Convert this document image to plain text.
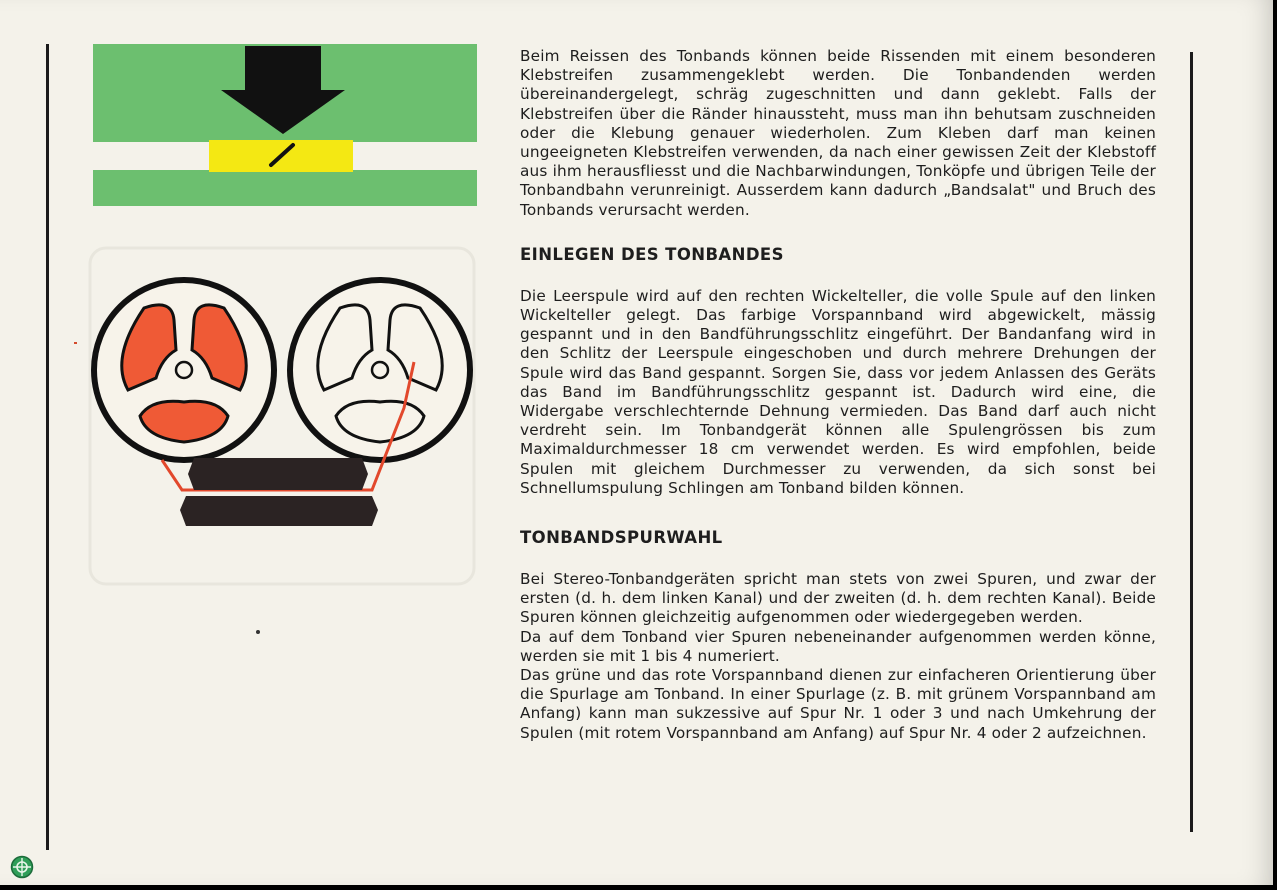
Beim Reissen des Tonbands können beide Rissenden mit einem besonderen Klebstreifen zusammengeklebt werden. Die Tonbandenden werden übereinandergelegt, schräg zugeschnitten und dann geklebt. Falls der Klebstreifen über die Ränder hinaussteht, muss man ihn behutsam zuschneiden oder die Klebung genauer wiederholen. Zum Kleben darf man keinen ungeeigneten Klebstreifen verwenden, da nach einer gewissen Zeit der Klebstoff aus ihm herausfliesst und die Nachbarwindungen, Tonköpfe und übrigen Teile der Tonbandbahn verunreinigt. Ausserdem kann dadurch „Bandsalat" und Bruch des Tonbands verursacht werden.

EINLEGEN DES TONBANDES

Die Leerspule wird auf den rechten Wickelteller, die volle Spule auf den linken Wickelteller gelegt. Das farbige Vorspannband wird abgewickelt, mässig gespannt und in den Bandführungsschlitz eingeführt. Der Bandanfang wird in den Schlitz der Leerspule eingeschoben und durch mehrere Drehungen der Spule wird das Band gespannt. Sorgen Sie, dass vor jedem Anlassen des Geräts das Band im Bandführungsschlitz gespannt ist. Dadurch wird eine, die Widergabe verschlechternde Dehnung vermieden. Das Band darf auch nicht verdreht sein. Im Tonbandgerät können alle Spulengrössen bis zum Maximaldurchmesser 18 cm verwendet werden. Es wird empfohlen, beide Spulen mit gleichem Durchmesser zu verwenden, da sich sonst bei Schnellumspulung Schlingen am Tonband bilden können.

TONBANDSPURWAHL

Bei Stereo-Tonbandgeräten spricht man stets von zwei Spuren, und zwar der ersten (d. h. dem linken Kanal) und der zweiten (d. h. dem rechten Kanal). Beide Spuren können gleichzeitig aufgenommen oder wiedergegeben werden.

Da auf dem Tonband vier Spuren nebeneinander aufgenommen werden könne, werden sie mit 1 bis 4 numeriert.

Das grüne und das rote Vorspannband dienen zur einfacheren Orientierung über die Spurlage am Tonband. In einer Spurlage (z. B. mit grünem Vorspannband am Anfang) kann man sukzessive auf Spur Nr. 1 oder 3 und nach Umkehrung der Spulen (mit rotem Vorspannband am Anfang) auf Spur Nr. 4 oder 2 aufzeichnen.
